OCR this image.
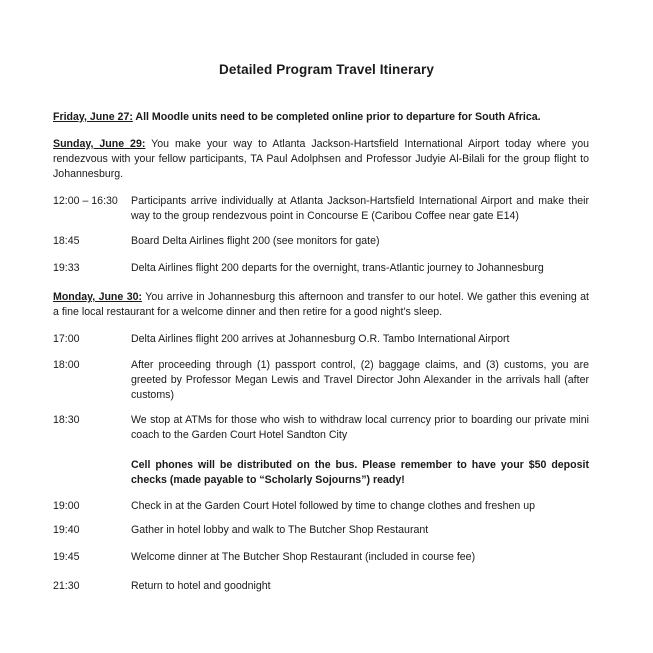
Detailed Program Travel Itinerary
Friday, June 27: All Moodle units need to be completed online prior to departure for South Africa.
Sunday, June 29: You make your way to Atlanta Jackson-Hartsfield International Airport today where you rendezvous with your fellow participants, TA Paul Adolphsen and Professor Judyie Al-Bilali for the group flight to Johannesburg.
12:00 – 16:30	Participants arrive individually at Atlanta Jackson-Hartsfield International Airport and make their way to the group rendezvous point in Concourse E (Caribou Coffee near gate E14)
18:45	Board Delta Airlines flight 200 (see monitors for gate)
19:33	Delta Airlines flight 200 departs for the overnight, trans-Atlantic journey to Johannesburg
Monday, June 30: You arrive in Johannesburg this afternoon and transfer to our hotel. We gather this evening at a fine local restaurant for a welcome dinner and then retire for a good night’s sleep.
17:00	Delta Airlines flight 200 arrives at Johannesburg O.R. Tambo International Airport
18:00	After proceeding through (1) passport control, (2) baggage claims, and (3) customs, you are greeted by Professor Megan Lewis and Travel Director John Alexander in the arrivals hall (after customs)
18:30	We stop at ATMs for those who wish to withdraw local currency prior to boarding our private mini coach to the Garden Court Hotel Sandton City
Cell phones will be distributed on the bus. Please remember to have your $50 deposit checks (made payable to “Scholarly Sojourns”) ready!
19:00	Check in at the Garden Court Hotel followed by time to change clothes and freshen up
19:40	Gather in hotel lobby and walk to The Butcher Shop Restaurant
19:45	Welcome dinner at The Butcher Shop Restaurant (included in course fee)
21:30	Return to hotel and goodnight
